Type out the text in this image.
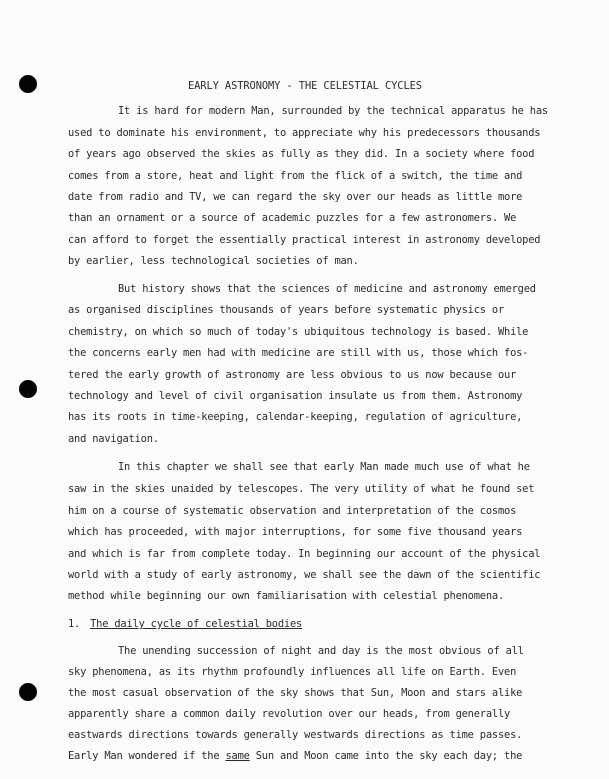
EARLY ASTRONOMY - THE CELESTIAL CYCLES
It is hard for modern Man, surrounded by the technical apparatus he has
used to dominate his environment, to appreciate why his predecessors thousands
of years ago observed the skies as fully as they did. In a society where food
comes from a store, heat and light from the flick of a switch, the time and
date from radio and TV, we can regard the sky over our heads as little more
than an ornament or a source of academic puzzles for a few astronomers. We
can afford to forget the essentially practical interest in astronomy developed
by earlier, less technological societies of man.
But history shows that the sciences of medicine and astronomy emerged
as organised disciplines thousands of years before systematic physics or
chemistry, on which so much of today's ubiquitous technology is based. While
the concerns early men had with medicine are still with us, those which fos-
tered the early growth of astronomy are less obvious to us now because our
technology and level of civil organisation insulate us from them. Astronomy
has its roots in time-keeping, calendar-keeping, regulation of agriculture,
and navigation.
In this chapter we shall see that early Man made much use of what he
saw in the skies unaided by telescopes. The very utility of what he found set
him on a course of systematic observation and interpretation of the cosmos
which has proceeded, with major interruptions, for some five thousand years
and which is far from complete today. In beginning our account of the physical
world with a study of early astronomy, we shall see the dawn of the scientific
method while beginning our own familiarisation with celestial phenomena.
1. The daily cycle of celestial bodies
The unending succession of night and day is the most obvious of all
sky phenomena, as its rhythm profoundly influences all life on Earth. Even
the most casual observation of the sky shows that Sun, Moon and stars alike
apparently share a common daily revolution over our heads, from generally
eastwards directions towards generally westwards directions as time passes.
Early Man wondered if the same Sun and Moon came into the sky each day; the
